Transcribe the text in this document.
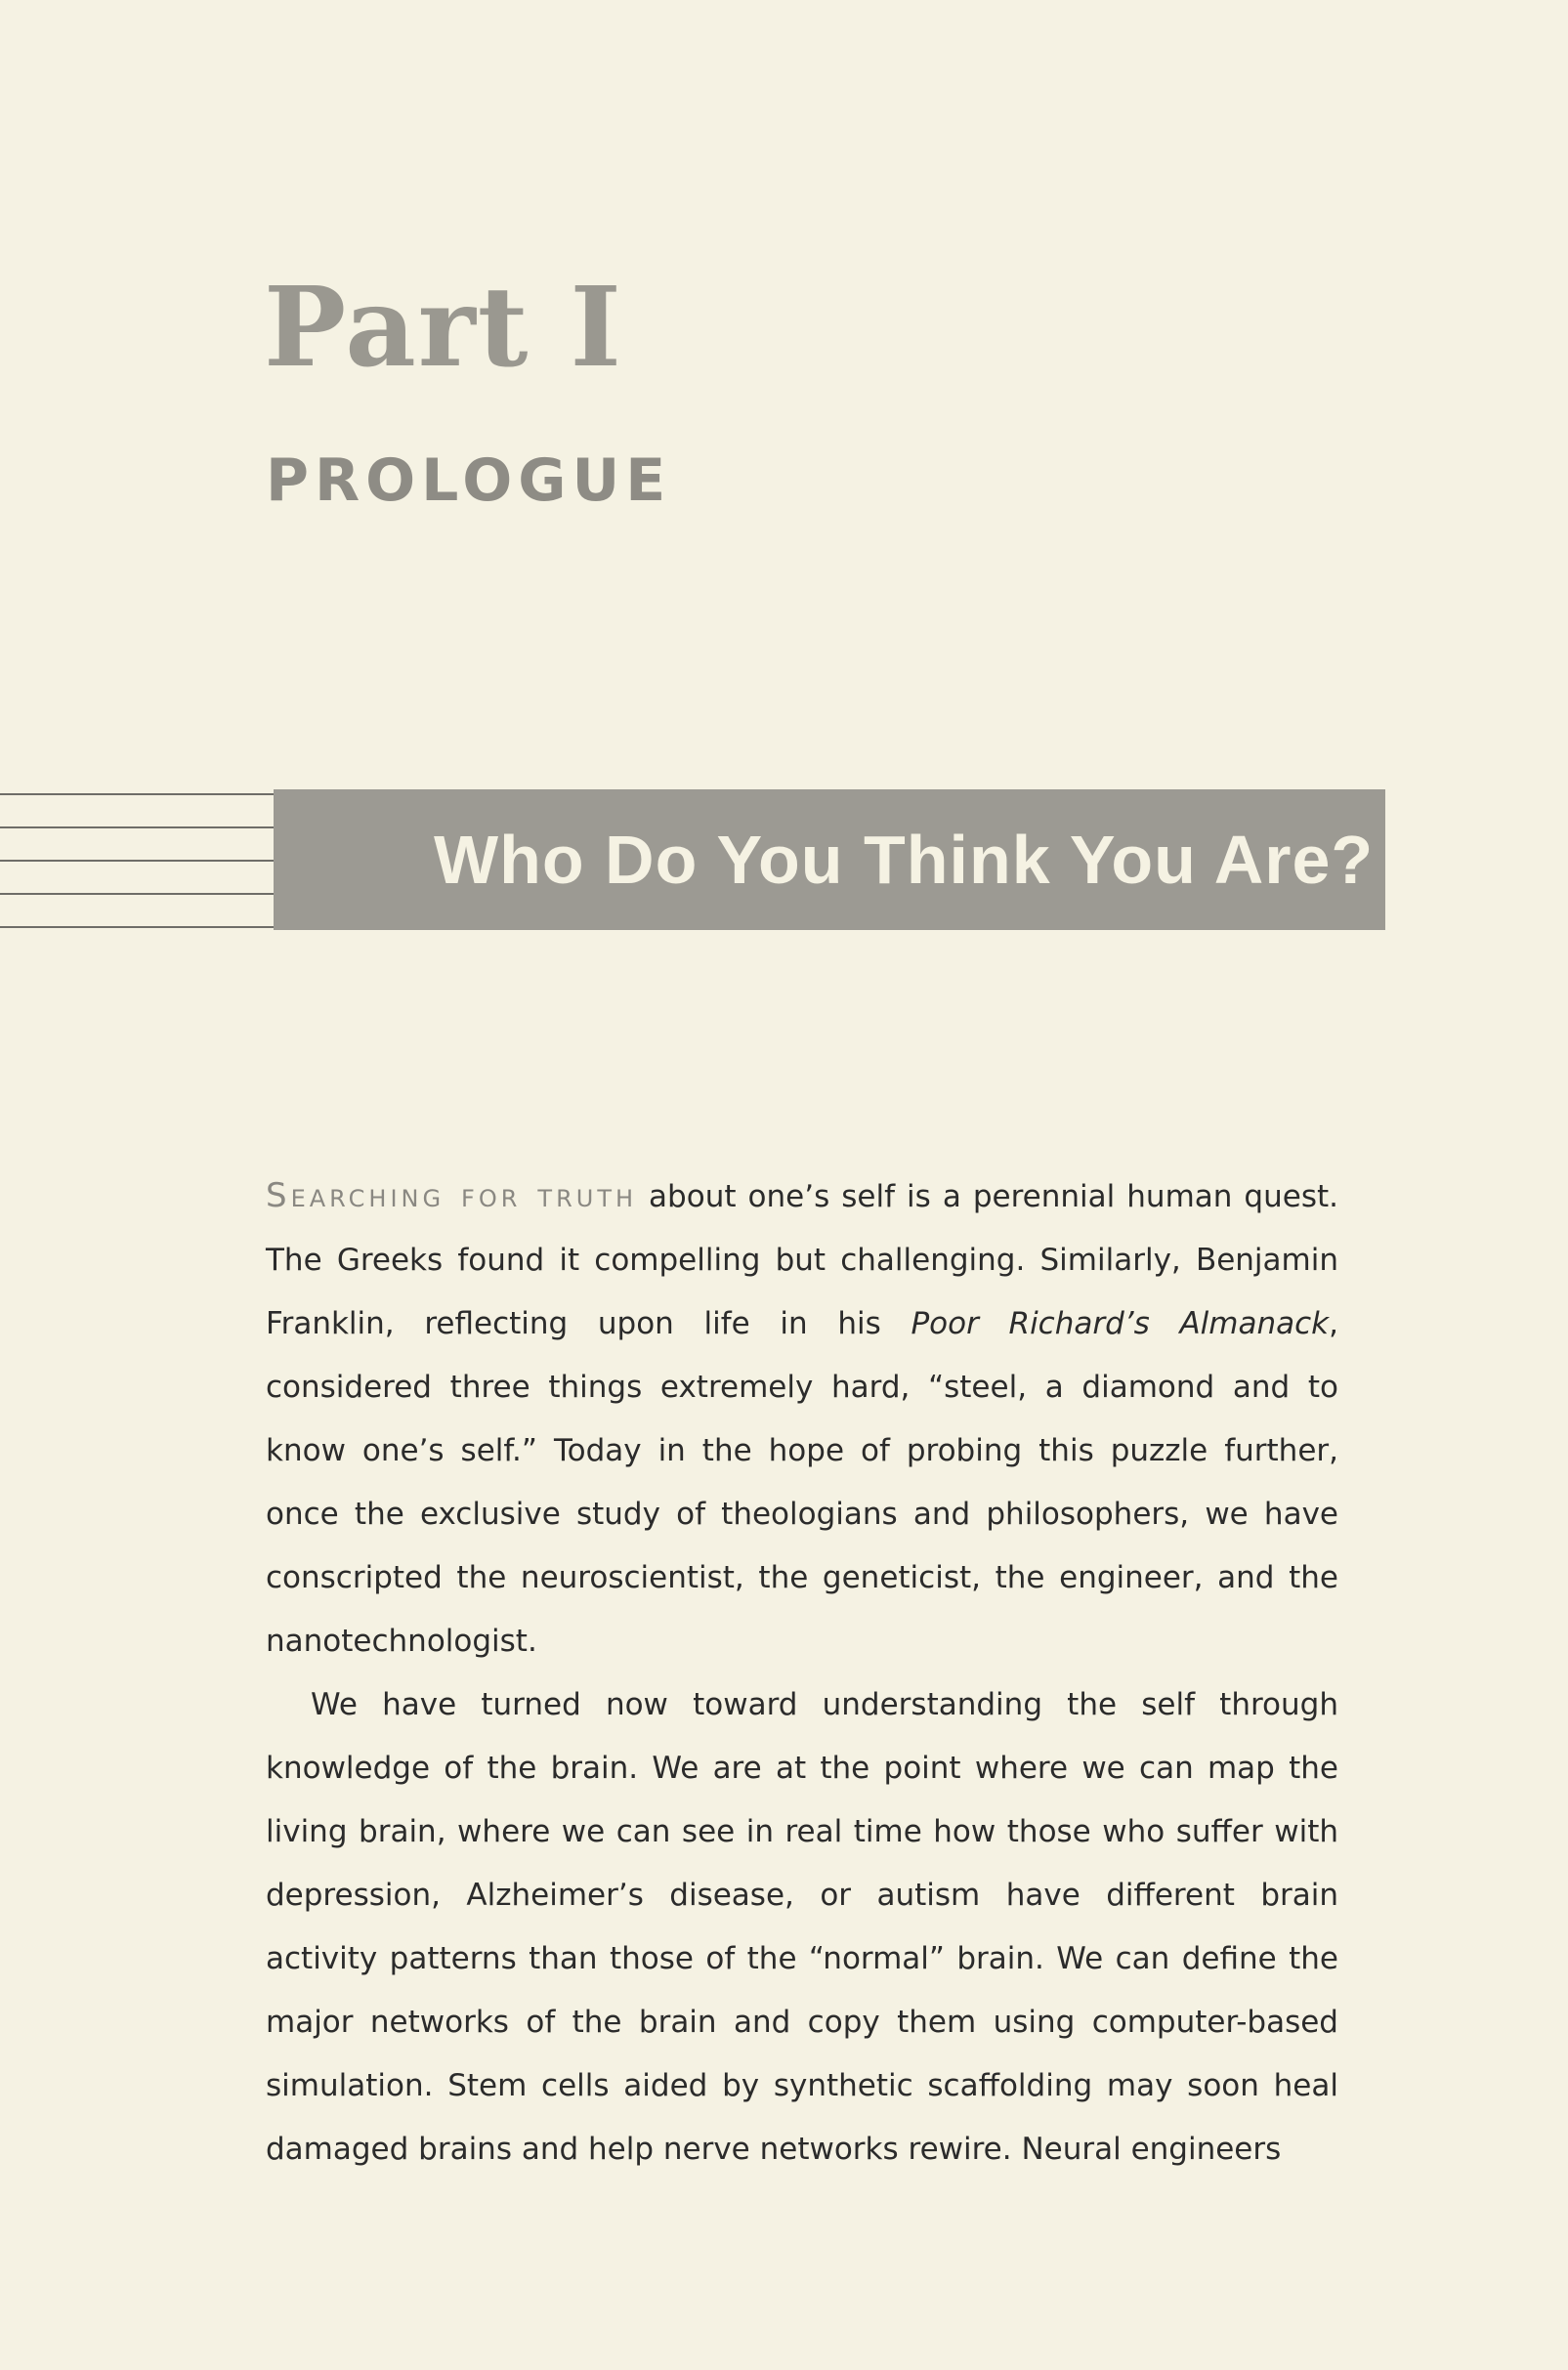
Part I
PROLOGUE
Who Do You Think You Are?

Searching for truth about one’s self is a perennial human quest. The Greeks found it compelling but challenging. Similarly, Benjamin Franklin, reflecting upon life in his Poor Richard’s Almanack, considered three things extremely hard, “steel, a diamond and to know one’s self.” Today in the hope of probing this puzzle further, once the exclusive study of theologians and philosophers, we have conscripted the neuroscientist, the geneticist, the engineer, and the nanotechnologist.

We have turned now toward understanding the self through knowledge of the brain. We are at the point where we can map the living brain, where we can see in real time how those who suffer with depression, Alzheimer’s disease, or autism have different brain activity patterns than those of the “normal” brain. We can define the major networks of the brain and copy them using computer-based simulation. Stem cells aided by synthetic scaffolding may soon heal damaged brains and help nerve networks rewire. Neural engineers
